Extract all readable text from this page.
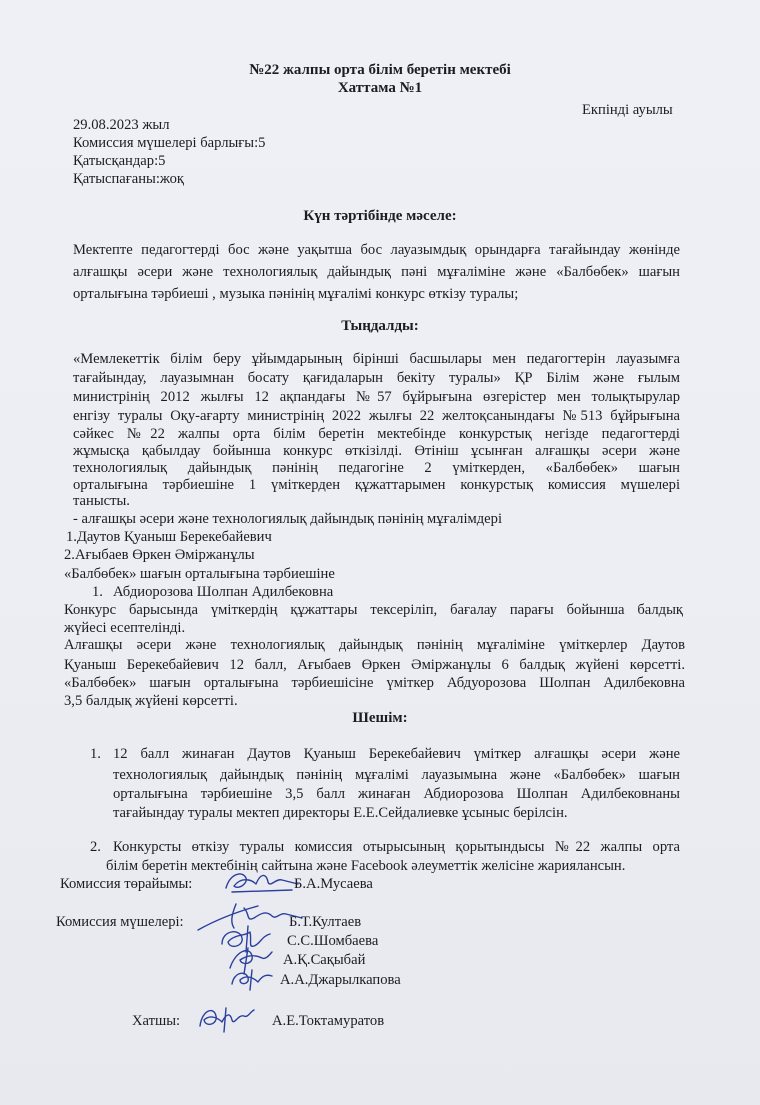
№22 жалпы орта білім беретін мектебі
Хаттама №1
Екпінді ауылы
29.08.2023 жыл
Комиссия мүшелері барлығы:5
Қатысқандар:5
Қатыспағаны:жоқ
Күн тәртібінде мәселе:
Мектепте педагогтерді бос және уақытша бос лауазымдық орындарға тағайындау жөнінде
алғашқы әсери және технологиялық дайындық пәні мұғаліміне және «Балбөбек» шағын
орталығына тәрбиеші , музыка пәнінің мұғалімі конкурс өткізу туралы;
Тыңдалды:
«Мемлекеттік білім беру ұйымдарының бірінші басшылары мен педагогтерін лауазымға
тағайындау, лауазымнан босату қағидаларын бекіту туралы» ҚР Білім және ғылым
министрінің 2012 жылғы 12 ақпандағы №57 бұйрығына өзгерістер мен толықтырулар
енгізу туралы Оқу-ағарту министрінің 2022 жылғы 22 желтоқсанындағы №513 бұйрығына
сәйкес №22 жалпы орта білім беретін мектебінде конкурстық негізде педагогтерді
жұмысқа қабылдау бойынша конкурс өткізілді. Өтініш ұсынған алғашқы әсери және
технологиялық дайындық пәнінің педагогіне 2 үміткерден, «Балбөбек» шағын
орталығына тәрбиешіне 1 үміткерден құжаттарымен конкурстық комиссия мүшелері
танысты.
- алғашқы әсери және технологиялық дайындық пәнінің мұғалімдері
1.Даутов Қуаныш Берекебайевич
2.Ағыбаев Өркен Әміржанұлы
«Балбөбек» шағын орталығына тәрбиешіне
1. Абдиорозова Шолпан Адилбековна
Конкурс барысында үміткердің құжаттары тексеріліп, бағалау парағы бойынша балдық
жүйесі есептелінді.
Алғашқы әсери және технологиялық дайындық пәнінің мұғаліміне үміткерлер Даутов
Қуаныш Берекебайевич 12 балл, Ағыбаев Өркен Әміржанұлы 6 балдық жүйені көрсетті.
«Балбөбек» шағын орталығына тәрбиешісіне үміткер Абдуорозова Шолпан Адилбековна
3,5 балдық жүйені көрсетті.
Шешім:
1. 12 балл жинаған Даутов Қуаныш Берекебайевич үміткер алғашқы әсери және
технологиялық дайындық пәнінің мұғалімі лауазымына және «Балбөбек» шағын
орталығына тәрбиешіне 3,5 балл жинаған Абдиорозова Шолпан Адилбековнаны
тағайындау туралы мектеп директоры Е.Е.Сейдалиевке ұсыныс берілсін.
2. Конкурсты өткізу туралы комиссия отырысының қорытындысы №22 жалпы орта
білім беретін мектебінің сайтына және Facebook әлеуметтік желісіне жариялансын.
Комиссия төрайымы:	Б.А.Мусаева
Комиссия мүшелері:	Б.Т.Култаев
С.С.Шомбаева
А.Қ.Сақыбай
А.А.Джарылкапова
Хатшы:	А.Е.Токтамуратов
